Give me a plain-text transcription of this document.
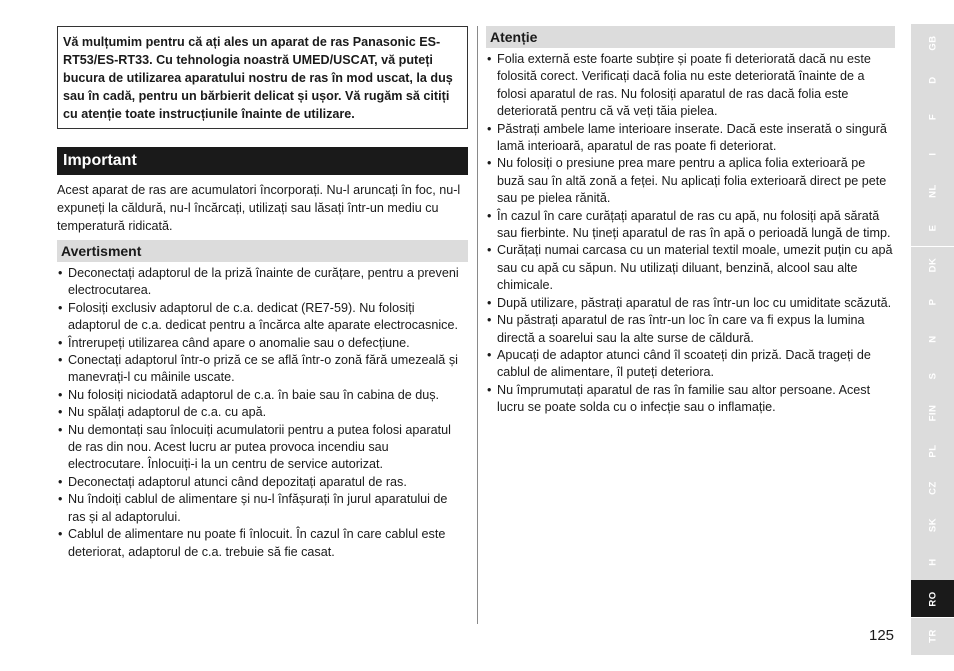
Vă mulțumim pentru că ați ales un aparat de ras Panasonic ES-RT53/ES-RT33. Cu tehnologia noastră UMED/USCAT, vă puteți bucura de utilizarea aparatului nostru de ras în mod uscat, la duș sau în cadă, pentru un bărbierit delicat și ușor. Vă rugăm să citiți cu atenție toate instrucțiunile înainte de utilizare.
Important

Acest aparat de ras are acumulatori încorporați. Nu-l aruncați în foc, nu-l expuneți la căldură, nu-l încărcați, utilizați sau lăsați într-un mediu cu temperatură ridicată.

Avertisment
• Deconectați adaptorul de la priză înainte de curățare, pentru a preveni electrocutarea.
• Folosiți exclusiv adaptorul de c.a. dedicat (RE7-59). Nu folosiți adaptorul de c.a. dedicat pentru a încărca alte aparate electrocasnice.
• Întrerupeți utilizarea când apare o anomalie sau o defecțiune.
• Conectați adaptorul într-o priză ce se află într-o zonă fără umezeală și manevrați-l cu mâinile uscate.
• Nu folosiți niciodată adaptorul de c.a. în baie sau în cabina de duș.
• Nu spălați adaptorul de c.a. cu apă.
• Nu demontați sau înlocuiți acumulatorii pentru a putea folosi aparatul de ras din nou. Acest lucru ar putea provoca incendiu sau electrocutare. Înlocuiți-i la un centru de service autorizat.
• Deconectați adaptorul atunci când depozitați aparatul de ras.
• Nu îndoiți cablul de alimentare și nu-l înfășurați în jurul aparatului de ras și al adaptorului.
• Cablul de alimentare nu poate fi înlocuit. În cazul în care cablul este deteriorat, adaptorul de c.a. trebuie să fie casat.
Atenție
• Folia externă este foarte subțire și poate fi deteriorată dacă nu este folosită corect. Verificați dacă folia nu este deteriorată înainte de a folosi aparatul de ras. Nu folosiți aparatul de ras dacă folia este deteriorată pentru că vă veți tăia pielea.
• Păstrați ambele lame interioare inserate. Dacă este inserată o singură lamă interioară, aparatul de ras poate fi deteriorat.
• Nu folosiți o presiune prea mare pentru a aplica folia exterioară pe buză sau în altă zonă a feței. Nu aplicați folia exterioară direct pe pete sau pe pielea rănită.
• În cazul în care curățați aparatul de ras cu apă, nu folosiți apă sărată sau fierbinte. Nu țineți aparatul de ras în apă o perioadă lungă de timp.
• Curățați numai carcasa cu un material textil moale, umezit puțin cu apă sau cu apă cu săpun. Nu utilizați diluant, benzină, alcool sau alte chimicale.
• După utilizare, păstrați aparatul de ras într-un loc cu umiditate scăzută.
• Nu păstrați aparatul de ras într-un loc în care va fi expus la lumina directă a soarelui sau la alte surse de căldură.
• Apucați de adaptor atunci când îl scoateți din priză. Dacă trageți de cablul de alimentare, îl puteți deteriora.
• Nu împrumutați aparatul de ras în familie sau altor persoane. Acest lucru se poate solda cu o infecție sau o inflamație.
125
GB
D
F
I
NL
E
DK
P
N
S
FIN
PL
CZ
SK
H
RO
TR
